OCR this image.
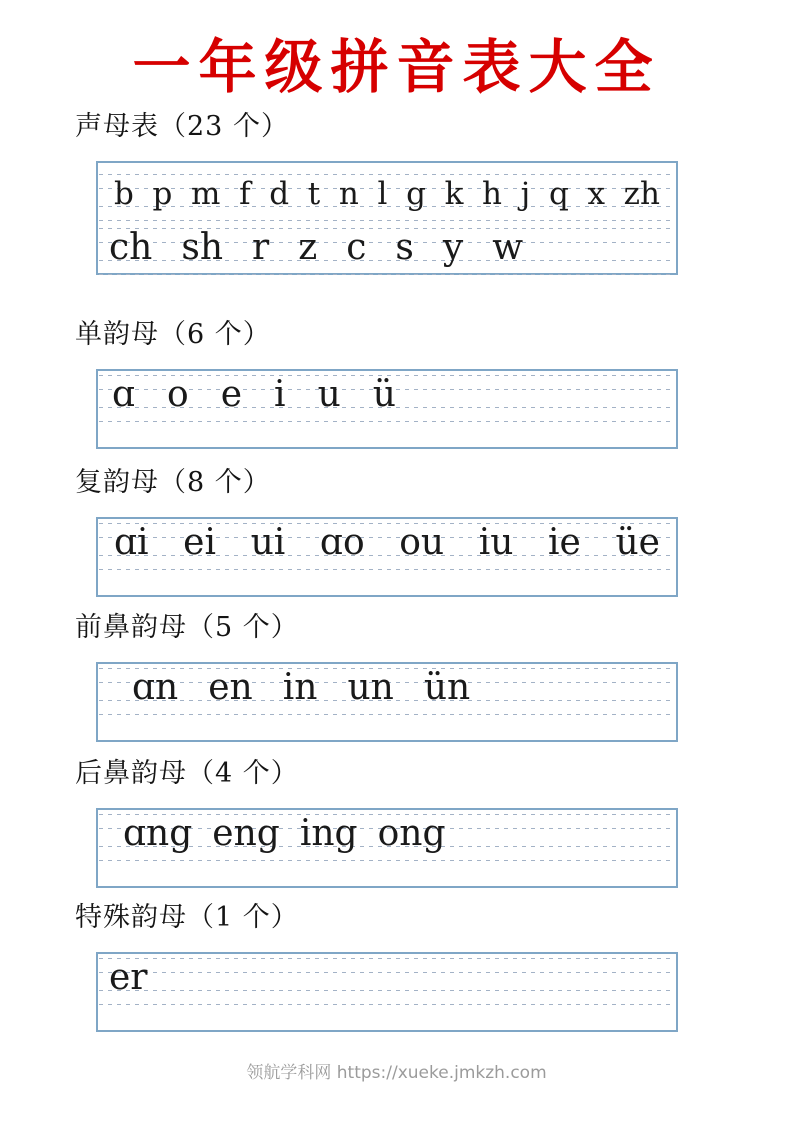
一年级拼音表大全
声母表（23 个）
b p m f d t n l g k h j q x zh
ch sh r z c s y w
单韵母（6 个）
ɑ o e i u ü
复韵母（8 个）
ɑi ei ui ɑo ou iu ie üe
前鼻韵母（5 个）
ɑn en in un ün
后鼻韵母（4 个）
ɑng eng ing ong
特殊韵母（1 个）
er
领航学科网 https://xueke.jmkzh.com
